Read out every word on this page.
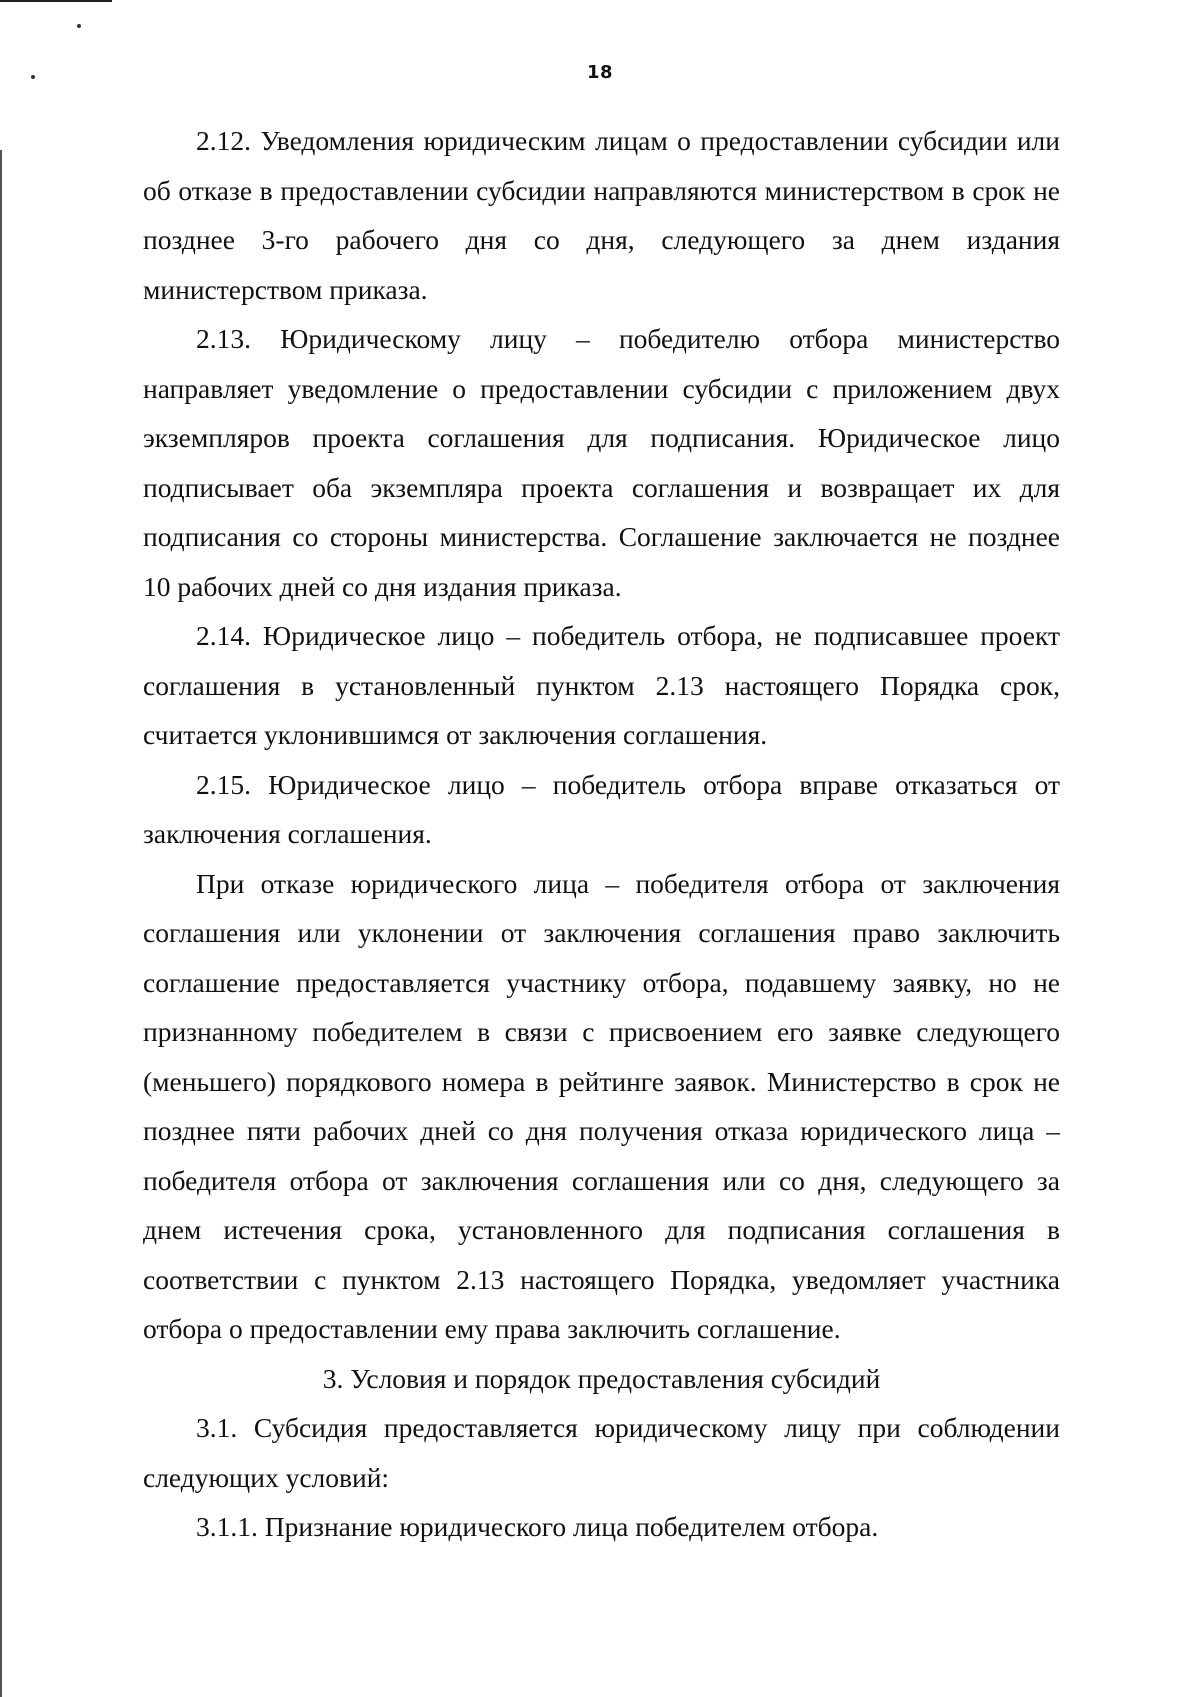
18

2.12. Уведомления юридическим лицам о предоставлении субсидии или об отказе в предоставлении субсидии направляются министерством в срок не позднее 3-го рабочего дня со дня, следующего за днем издания министерством приказа.

2.13. Юридическому лицу – победителю отбора министерство направляет уведомление о предоставлении субсидии с приложением двух экземпляров проекта соглашения для подписания. Юридическое лицо подписывает оба экземпляра проекта соглашения и возвращает их для подписания со стороны министерства. Соглашение заключается не позднее 10 рабочих дней со дня издания приказа.

2.14. Юридическое лицо – победитель отбора, не подписавшее проект соглашения в установленный пунктом 2.13 настоящего Порядка срок, считается уклонившимся от заключения соглашения.

2.15. Юридическое лицо – победитель отбора вправе отказаться от заключения соглашения.

При отказе юридического лица – победителя отбора от заключения соглашения или уклонении от заключения соглашения право заключить соглашение предоставляется участнику отбора, подавшему заявку, но не признанному победителем в связи с присвоением его заявке следующего (меньшего) порядкового номера в рейтинге заявок. Министерство в срок не позднее пяти рабочих дней со дня получения отказа юридического лица – победителя отбора от заключения соглашения или со дня, следующего за днем истечения срока, установленного для подписания соглашения в соответствии с пунктом 2.13 настоящего Порядка, уведомляет участника отбора о предоставлении ему права заключить соглашение.

3. Условия и порядок предоставления субсидий

3.1. Субсидия предоставляется юридическому лицу при соблюдении следующих условий:

3.1.1. Признание юридического лица победителем отбора.
